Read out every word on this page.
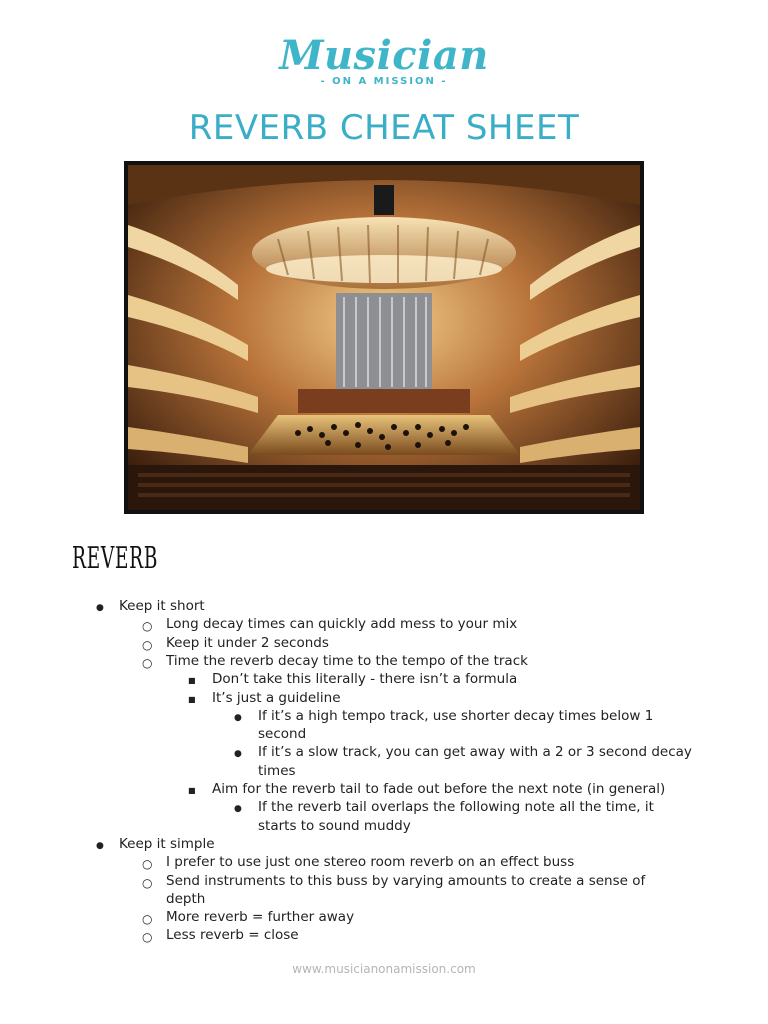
Musician
- ON A MISSION -
REVERB CHEAT SHEET
REVERB
● Keep it short
○ Long decay times can quickly add mess to your mix
○ Keep it under 2 seconds
○ Time the reverb decay time to the tempo of the track
■ Don’t take this literally - there isn’t a formula
■ It’s just a guideline
● If it’s a high tempo track, use shorter decay times below 1
second
● If it’s a slow track, you can get away with a 2 or 3 second decay
times
■ Aim for the reverb tail to fade out before the next note (in general)
● If the reverb tail overlaps the following note all the time, it
starts to sound muddy
● Keep it simple
○ I prefer to use just one stereo room reverb on an effect buss
○ Send instruments to this buss by varying amounts to create a sense of
depth
○ More reverb = further away
○ Less reverb = close
www.musicianonamission.com
